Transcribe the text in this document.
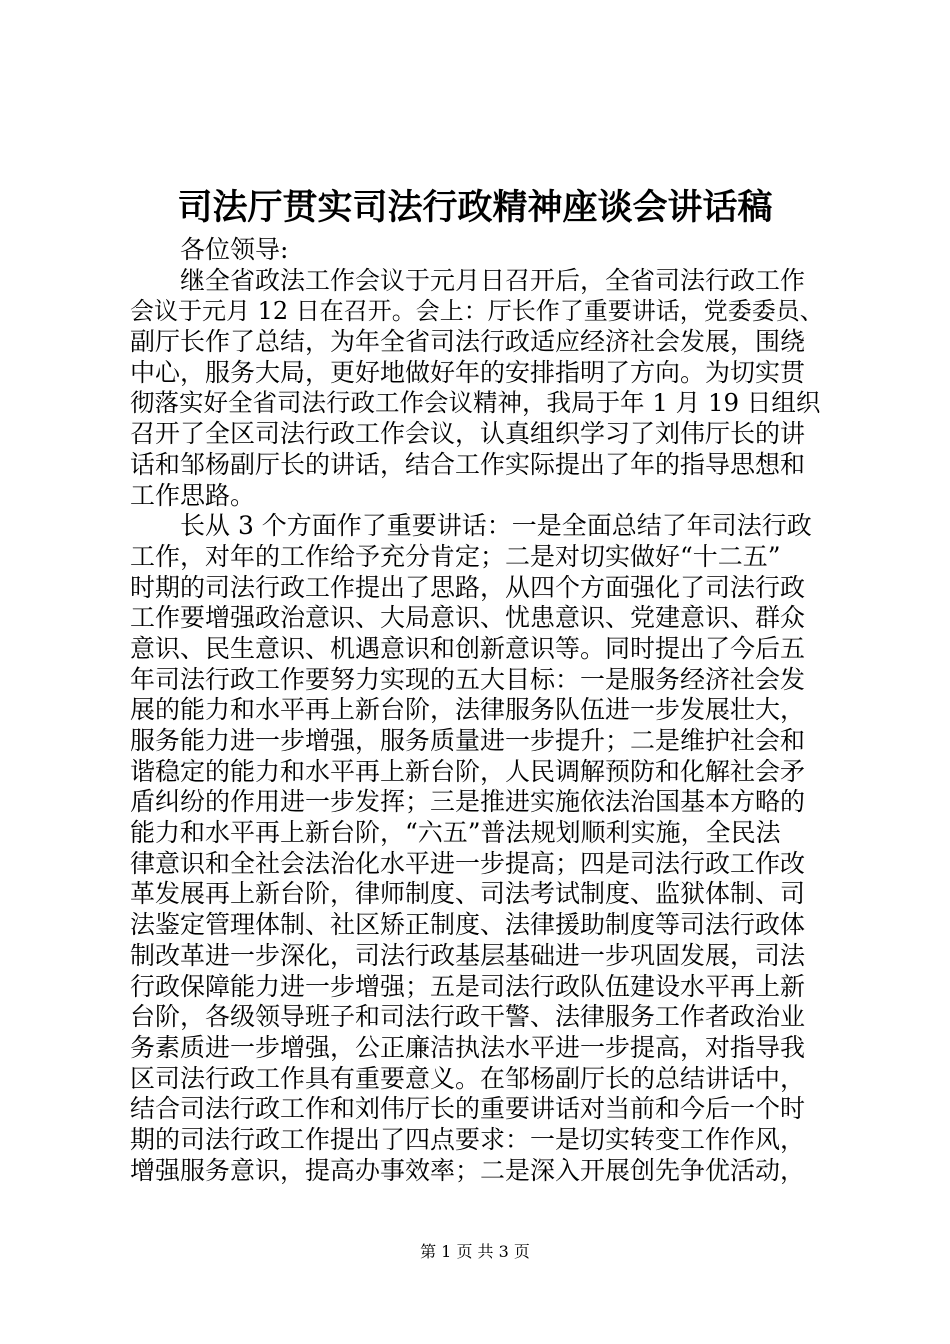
司法厅贯实司法行政精神座谈会讲话稿
各位领导:
继全省政法工作会议于元月日召开后，全省司法行政工作
会议于元月 12 日在召开。会上：厅长作了重要讲话，党委委员、
副厅长作了总结，为年全省司法行政适应经济社会发展，围绕
中心，服务大局，更好地做好年的安排指明了方向。为切实贯
彻落实好全省司法行政工作会议精神，我局于年 1 月 19 日组织
召开了全区司法行政工作会议，认真组织学习了刘伟厅长的讲
话和邹杨副厅长的讲话，结合工作实际提出了年的指导思想和
工作思路。
长从 3 个方面作了重要讲话：一是全面总结了年司法行政
工作，对年的工作给予充分肯定；二是对切实做好“十二五”
时期的司法行政工作提出了思路，从四个方面强化了司法行政
工作要增强政治意识、大局意识、忧患意识、党建意识、群众
意识、民生意识、机遇意识和创新意识等。同时提出了今后五
年司法行政工作要努力实现的五大目标：一是服务经济社会发
展的能力和水平再上新台阶，法律服务队伍进一步发展壮大，
服务能力进一步增强，服务质量进一步提升；二是维护社会和
谐稳定的能力和水平再上新台阶，人民调解预防和化解社会矛
盾纠纷的作用进一步发挥；三是推进实施依法治国基本方略的
能力和水平再上新台阶，“六五”普法规划顺利实施，全民法
律意识和全社会法治化水平进一步提高；四是司法行政工作改
革发展再上新台阶，律师制度、司法考试制度、监狱体制、司
法鉴定管理体制、社区矫正制度、法律援助制度等司法行政体
制改革进一步深化，司法行政基层基础进一步巩固发展，司法
行政保障能力进一步增强；五是司法行政队伍建设水平再上新
台阶，各级领导班子和司法行政干警、法律服务工作者政治业
务素质进一步增强，公正廉洁执法水平进一步提高，对指导我
区司法行政工作具有重要意义。在邹杨副厅长的总结讲话中，
结合司法行政工作和刘伟厅长的重要讲话对当前和今后一个时
期的司法行政工作提出了四点要求：一是切实转变工作作风，
增强服务意识，提高办事效率；二是深入开展创先争优活动，
第 1 页 共 3 页
